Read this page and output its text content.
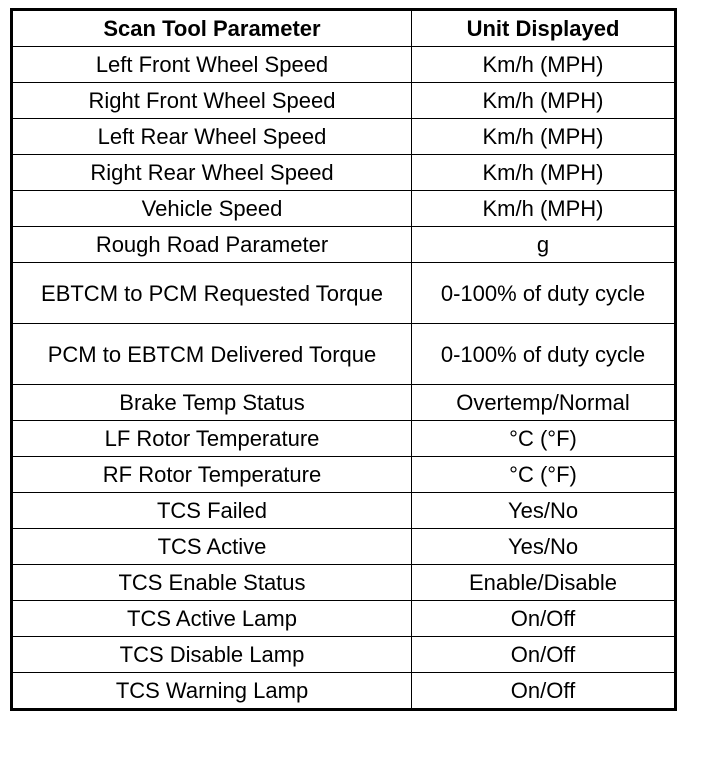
Scan Tool Parameter	Unit Displayed
Left Front Wheel Speed	Km/h (MPH)
Right Front Wheel Speed	Km/h (MPH)
Left Rear Wheel Speed	Km/h (MPH)
Right Rear Wheel Speed	Km/h (MPH)
Vehicle Speed	Km/h (MPH)
Rough Road Parameter	g
EBTCM to PCM Requested Torque	0-100% of duty cycle
PCM to EBTCM Delivered Torque	0-100% of duty cycle
Brake Temp Status	Overtemp/Normal
LF Rotor Temperature	°C (°F)
RF Rotor Temperature	°C (°F)
TCS Failed	Yes/No
TCS Active	Yes/No
TCS Enable Status	Enable/Disable
TCS Active Lamp	On/Off
TCS Disable Lamp	On/Off
TCS Warning Lamp	On/Off
